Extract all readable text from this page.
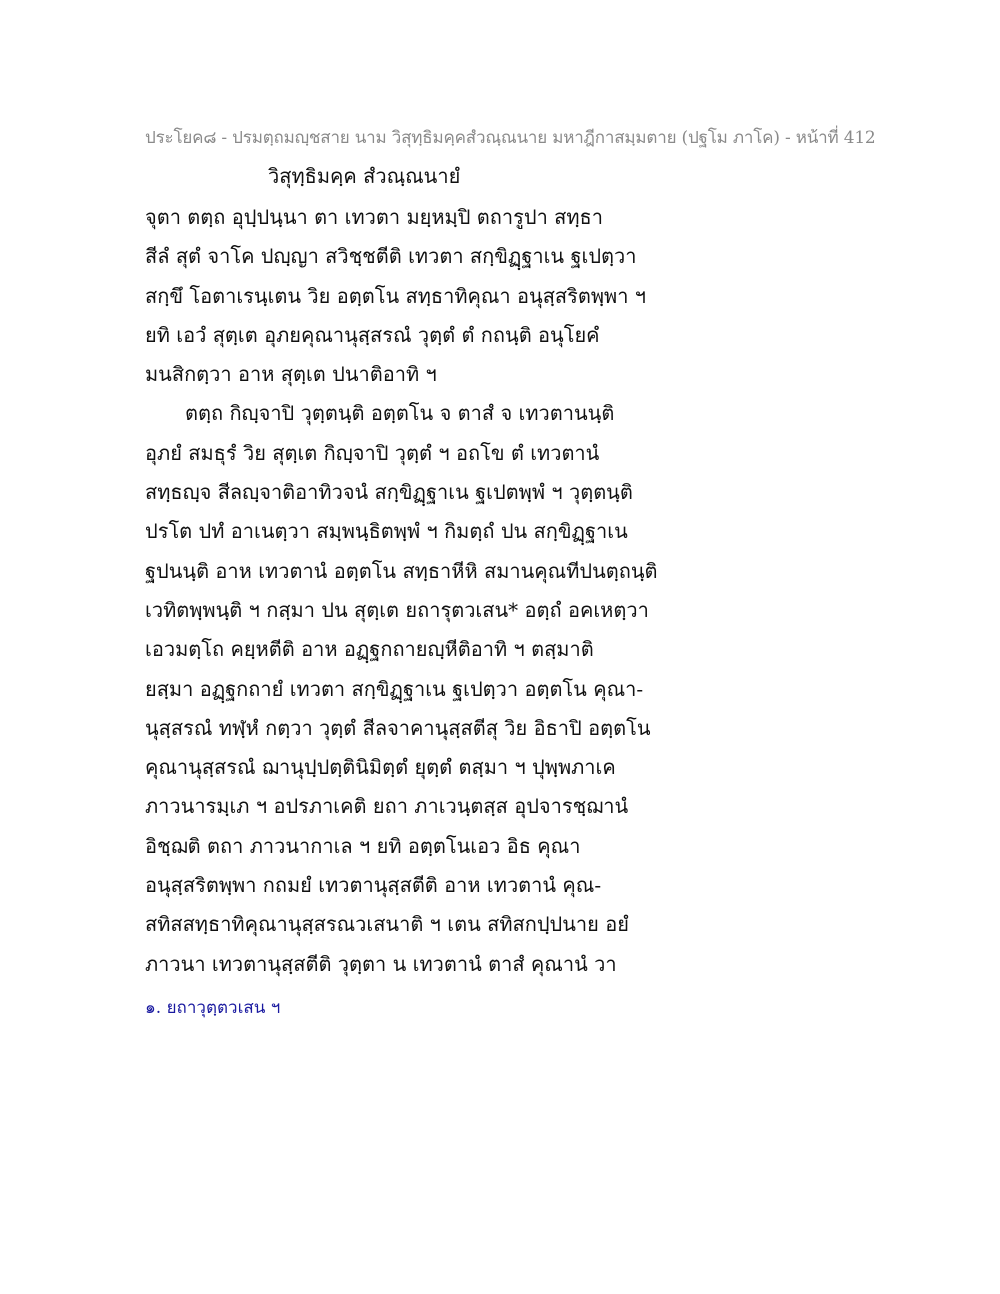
ประโยค๘ - ปรมตฺถมญฺชสาย นาม วิสุทฺธิมคฺคสํวณฺณนาย มหาฎีกาสมฺมตาย (ปฐโม ภาโค) - หน้าที่ 412
วิสุทฺธิมคฺค สํวณฺณนายํ
จุตา ตตฺถ อุปฺปนฺนา ตา เทวตา มยฺหมฺปิ ตถารูปา สทฺธา
สีลํ สุตํ จาโค ปญฺญา สวิชฺชตีติ เทวตา สกฺขิฏฺฐาเน ฐเปตฺวา
สกฺขึ โอตาเรนฺเตน วิย อตฺตโน สทฺธาทิคุณา อนุสฺสริตพฺพา ฯ
ยทิ เอวํ สุตฺเต อุภยคุณานุสฺสรณํ วุตฺตํ ตํ กถนฺติ อนุโยคํ
มนสิกตฺวา อาห สุตฺเต ปนาติอาทิ ฯ
ตตฺถ กิญฺจาปิ วุตฺตนฺติ อตฺตโน จ ตาสํ จ เทวตานนฺติ
อุภยํ สมธุรํ วิย สุตฺเต กิญฺจาปิ วุตฺตํ ฯ อถโข ตํ เทวตานํ
สทฺธญฺจ สีลญฺจาติอาทิวจนํ สกฺขิฏฺฐาเน ฐเปตพฺพํ ฯ วุตฺตนฺติ
ปรโต ปทํ อาเนตฺวา สมฺพนฺธิตพฺพํ ฯ กิมตฺถํ ปน สกฺขิฏฺฐาเน
ฐปนนฺติ อาห เทวตานํ อตฺตโน สทฺธาหีหิ สมานคุณทีปนตฺถนฺติ
เวทิตพฺพนฺติ ฯ กสฺมา ปน สุตฺเต ยถารุตวเสน* อตฺถํ อคเหตฺวา
เอวมตฺโถ คยฺหตีติ อาห อฏฺฐกถายญฺหีติอาทิ ฯ ตสฺมาติ
ยสฺมา อฏฺฐกถายํ เทวตา สกฺขิฏฺฐาเน ฐเปตฺวา อตฺตโน คุณา-
นุสฺสรณํ ทฬฺหํ กตฺวา วุตฺตํ สีลจาคานุสฺสตีสุ วิย อิธาปิ อตฺตโน
คุณานุสฺสรณํ ฌานุปฺปตฺตินิมิตฺตํ ยุตฺตํ ตสฺมา ฯ ปุพฺพภาเค
ภาวนารมฺเภ ฯ อปรภาเคติ ยถา ภาเวนฺตสฺส อุปจารชฺฌานํ
อิชฺฌติ ตถา ภาวนากาเล ฯ ยทิ อตฺตโนเอว อิธ คุณา
อนุสฺสริตพฺพา กถมยํ เทวตานุสฺสตีติ อาห เทวตานํ คุณ-
สทิสสทฺธาทิคุณานุสฺสรณวเสนาติ ฯ เตน สทิสกปฺปนาย อยํ
ภาวนา เทวตานุสฺสตีติ วุตฺตา น เทวตานํ ตาสํ คุณานํ วา
๑. ยถาวุตฺตวเสน ฯ
